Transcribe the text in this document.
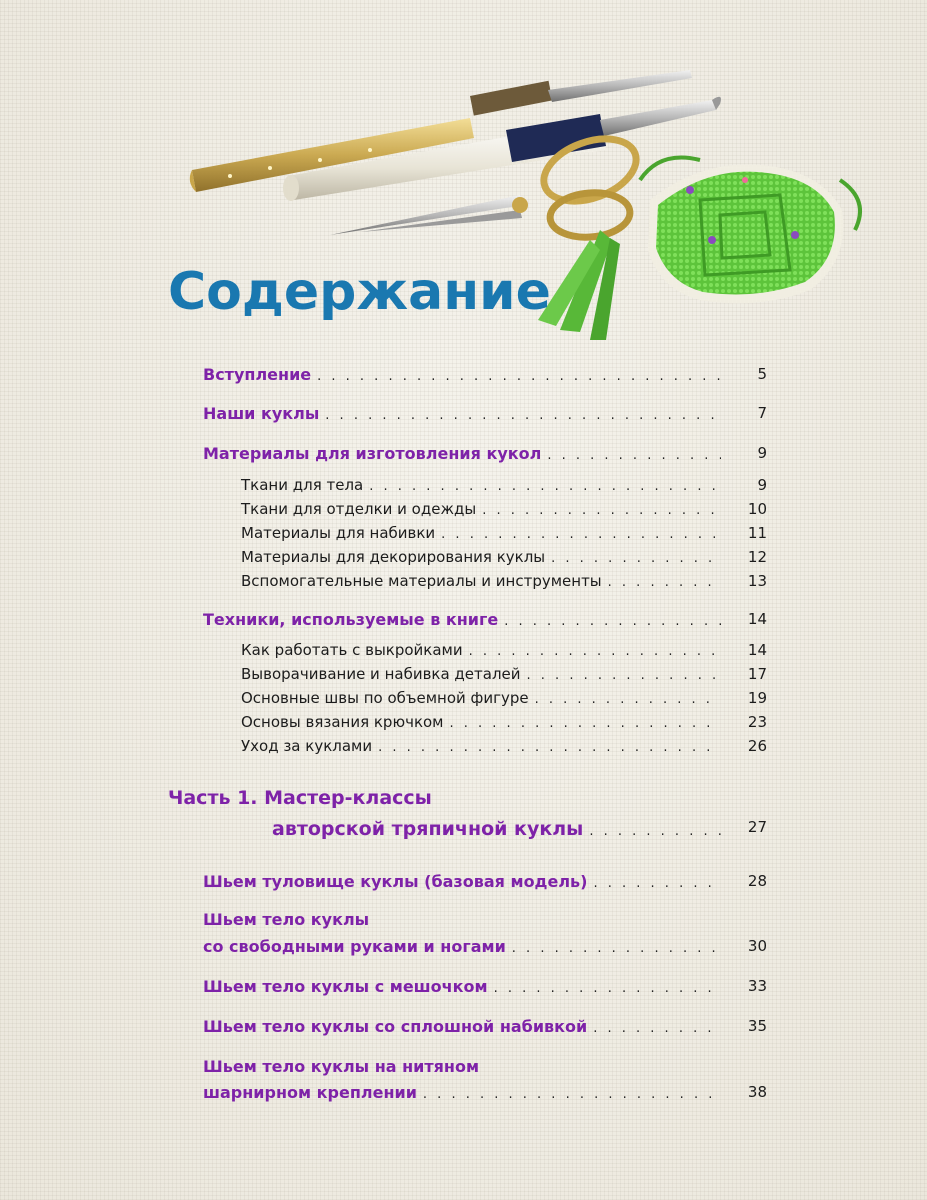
Содержание
Вступление . . .	5
Наши куклы . . .	7
Материалы для изготовления кукол . . .	9
Ткани для тела . . .	9
Ткани для отделки и одежды . . .	10
Материалы для набивки . . .	11
Материалы для декорирования куклы . . .	12
Вспомогательные материалы и инструменты . . .	13
Техники, используемые в книге . . .	14
Как работать с выкройками . . .	14
Выворачивание и набивка деталей . . .	17
Основные швы по объемной фигуре . . .	19
Основы вязания крючком . . .	23
Уход за куклами . . .	26
Часть 1. Мастер-классы
авторской тряпичной куклы . . .	27
Шьем туловище куклы (базовая модель) . . .	28
Шьем тело куклы
со свободными руками и ногами . . .	30
Шьем тело куклы с мешочком . . .	33
Шьем тело куклы со сплошной набивкой . . .	35
Шьем тело куклы на нитяном
шарнирном креплении . . .	38
